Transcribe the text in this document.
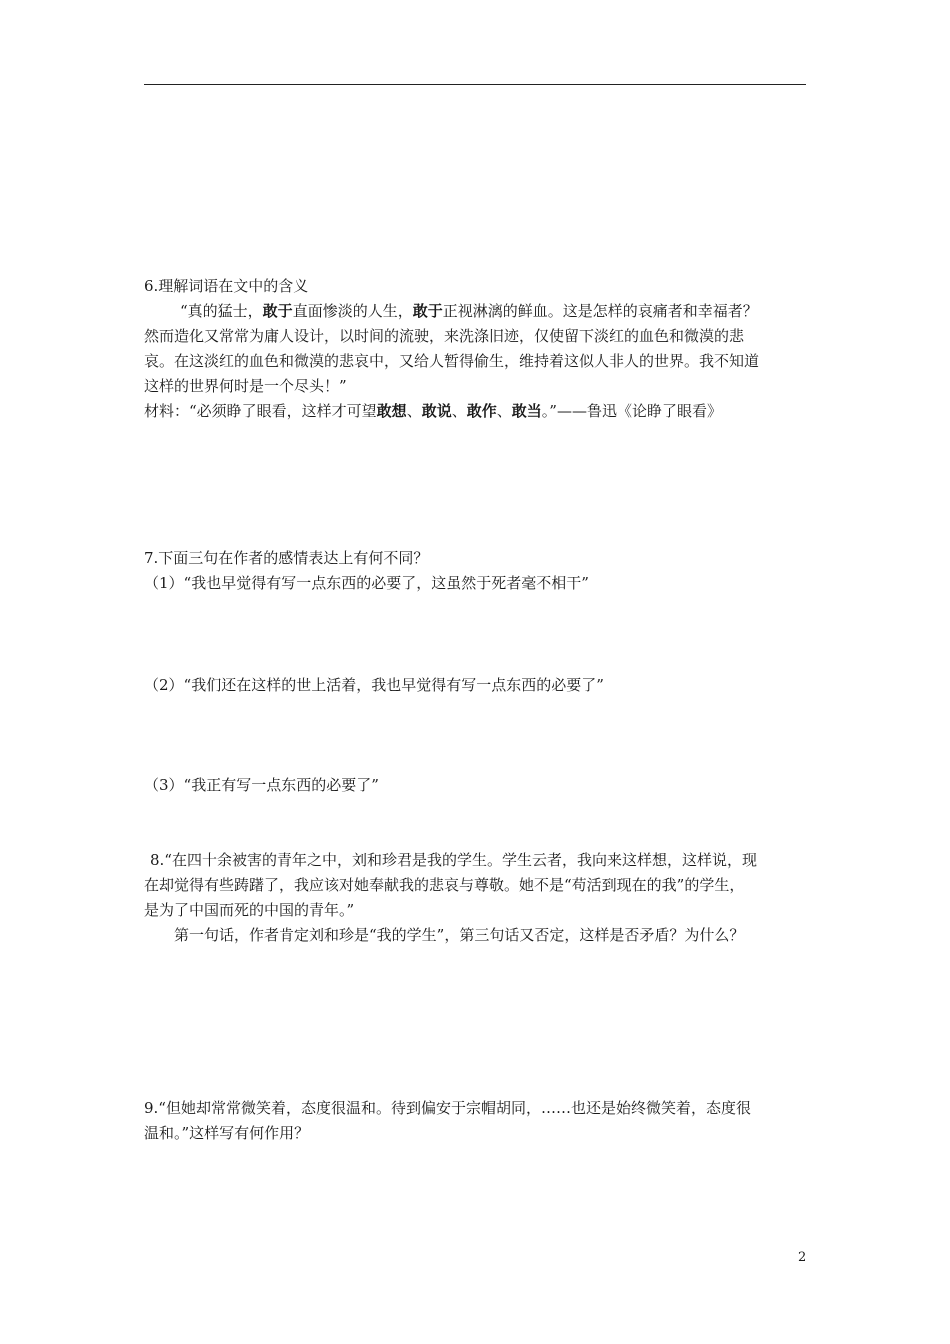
6.理解词语在文中的含义
“真的猛士，敢于直面惨淡的人生，敢于正视淋漓的鲜血。这是怎样的哀痛者和幸福者？
然而造化又常常为庸人设计，以时间的流驶，来洗涤旧迹，仅使留下淡红的血色和微漠的悲
哀。在这淡红的血色和微漠的悲哀中，又给人暂得偷生，维持着这似人非人的世界。我不知道
这样的世界何时是一个尽头！”
材料：“必须睁了眼看，这样才可望敢想、敢说、敢作、敢当。”——鲁迅《论睁了眼看》
7.下面三句在作者的感情表达上有何不同？
（1）“我也早觉得有写一点东西的必要了，这虽然于死者毫不相干”
（2）“我们还在这样的世上活着，我也早觉得有写一点东西的必要了”
（3）“我正有写一点东西的必要了”
8.“在四十余被害的青年之中，刘和珍君是我的学生。学生云者，我向来这样想，这样说，现
在却觉得有些踌躇了，我应该对她奉献我的悲哀与尊敬。她不是“苟活到现在的我”的学生，
是为了中国而死的中国的青年。”
第一句话，作者肯定刘和珍是“我的学生”，第三句话又否定，这样是否矛盾？为什么？
9.“但她却常常微笑着，态度很温和。待到偏安于宗帽胡同，……也还是始终微笑着，态度很
温和。”这样写有何作用？
2
